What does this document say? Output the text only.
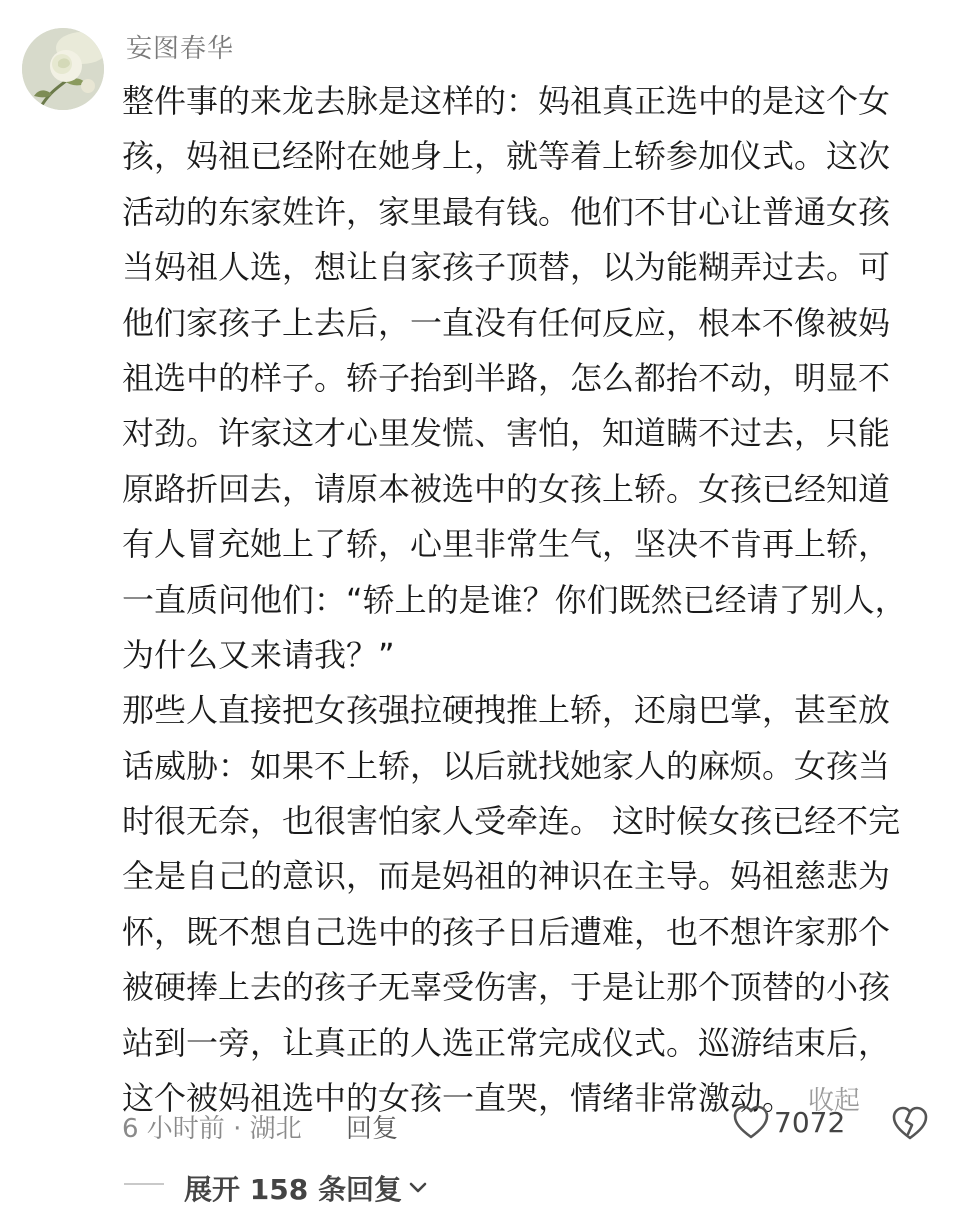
妄图春华
整件事的来龙去脉是这样的：妈祖真正选中的是这个女
孩，妈祖已经附在她身上，就等着上轿参加仪式。这次
活动的东家姓许，家里最有钱。他们不甘心让普通女孩
当妈祖人选，想让自家孩子顶替，以为能糊弄过去。可
他们家孩子上去后，一直没有任何反应，根本不像被妈
祖选中的样子。轿子抬到半路，怎么都抬不动，明显不
对劲。许家这才心里发慌、害怕，知道瞒不过去，只能
原路折回去，请原本被选中的女孩上轿。女孩已经知道
有人冒充她上了轿，心里非常生气，坚决不肯再上轿，
一直质问他们：“轿上的是谁？你们既然已经请了别人，
为什么又来请我？”
那些人直接把女孩强拉硬拽推上轿，还扇巴掌，甚至放
话威胁：如果不上轿，以后就找她家人的麻烦。女孩当
时很无奈，也很害怕家人受牵连。 这时候女孩已经不完
全是自己的意识，而是妈祖的神识在主导。妈祖慈悲为
怀，既不想自己选中的孩子日后遭难，也不想许家那个
被硬捧上去的孩子无辜受伤害，于是让那个顶替的小孩
站到一旁，让真正的人选正常完成仪式。巡游结束后，
这个被妈祖选中的女孩一直哭，情绪非常激动。 收起
6 小时前 · 湖北 回复	7072
展开 158 条回复
